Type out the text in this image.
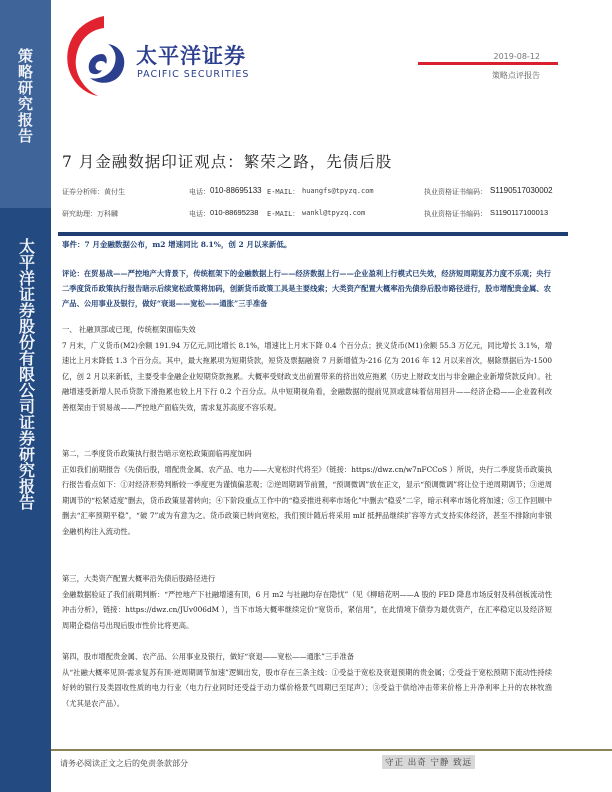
策略研究报告
太平洋证券股份有限公司证券研究报告
太平洋证券
PACIFIC SECURITIES
2019-08-12
策略点评报告
7 月金融数据印证观点：繁荣之路，先债后股
证券分析师：黄付生	电话： 010-88695133 E-MAIL： huangfs@tpyzq.com	执业资格证书编码： S1190517030002
研究助理：万科麟	电话： 010-88695238 E-MAIL： wankl@tpyzq.com	执业资格证书编码： S1190117100013
事件：7 月金融数据公布，m2 增速同比 8.1%，创 2 月以来新低。
评论：在贸易战——严控地产大背景下，传统框架下的金融数据上行——经济数据上行——企业盈利上行模式已失效，经济短周期复苏力度不乐观；央行二季度货币政策执行报告暗示后续宽松政策将加码，创新货币政策工具是主要线索；大类资产配置大概率沿先债券后股市路径进行，股市增配贵金属、农产品、公用事业及银行，做好“衰退——宽松——通胀”三手准备
一、 社融顶部或已现，传统框架面临失效

7 月末，广义货币(M2)余额 191.94 万亿元,同比增长 8.1%，增速比上月末下降 0.4 个百分点；狭义货币(M1)余额 55.3 万亿元，同比增长 3.1%，增速比上月末降低 1.3 个百分点。其中，最大拖累项为短期贷款，短贷及票据融资 7 月新增值为-216 亿为 2016 年 12 月以来首次，剔除票据后为-1500 亿，创 2 月以来新低，主要受非金融企业短期贷款拖累。大概率受财政支出前置带来的挤出效应拖累（历史上财政支出与非金融企业新增贷款反向）。社融增速受新增人民币贷款下滑拖累也较上月下行 0.2 个百分点。从中短期视角看，金融数据的提前见顶或意味着信用回升——经济企稳——企业盈利改善框架由于贸易战——严控地产面临失效，需求复苏高度不容乐观。

第二，二季度货币政策执行报告暗示宽松政策面临再度加码

正如我们前期报告《先债后股，增配贵金属、农产品、电力——大宽松时代将至》（链接：https://dwz.cn/w7nFCCoS ）所说，央行二季度货币政策执行报告看点如下：①对经济形势判断较一季度更为谨慎偏悲观；②逆周期调节前置，“预调微调”放在正文，显示“预调微调”将让位于逆周期调节；③逆周期调节的“松紧适度”删去，货币政策显著转向；④下阶段重点工作中的“稳妥推进利率市场化”中删去“稳妥”二字，暗示利率市场化将加速；⑤工作回顾中删去“汇率预期平稳”，“破 7”或为有意为之。货币政策已转向宽松，我们预计随后将采用 mlf 抵押品继续扩容等方式支持实体经济，甚至不排除向非银金融机构注入流动性。

第三，大类资产配置大概率沿先债后股路径进行

金融数据验证了我们前期判断：“严控地产下社融增速有顶，6 月 m2 与社融均存在隐忧”（见《柳暗花明——A 股的 FED 降息市场反射及科创板流动性冲击分析》，链接：https://dwz.cn/JUv006dM ），当下市场大概率继续定价“宽货币，紧信用”，在此情境下债券为最优资产，在汇率稳定以及经济短周期企稳信号出现后股市性价比将更高。

第四，股市增配贵金属、农产品、公用事业及银行，做好“衰退——宽松——通胀”三手准备

从“社融大概率见顶-需求复苏有顶-逆周期调节加速”逻辑出发，股市存在三条主线：①受益于宽松及衰退预期的贵金属；②受益于宽松预期下流动性持续好转的银行及类固收性质的电力行业（电力行业同时还受益于动力煤价格景气周期已至尾声）；③受益于供给冲击带来价格上升净利率上升的农林牧渔（尤其是农产品）。

请务必阅读正文之后的免责条款部分	守正 出奇 宁静 致远
